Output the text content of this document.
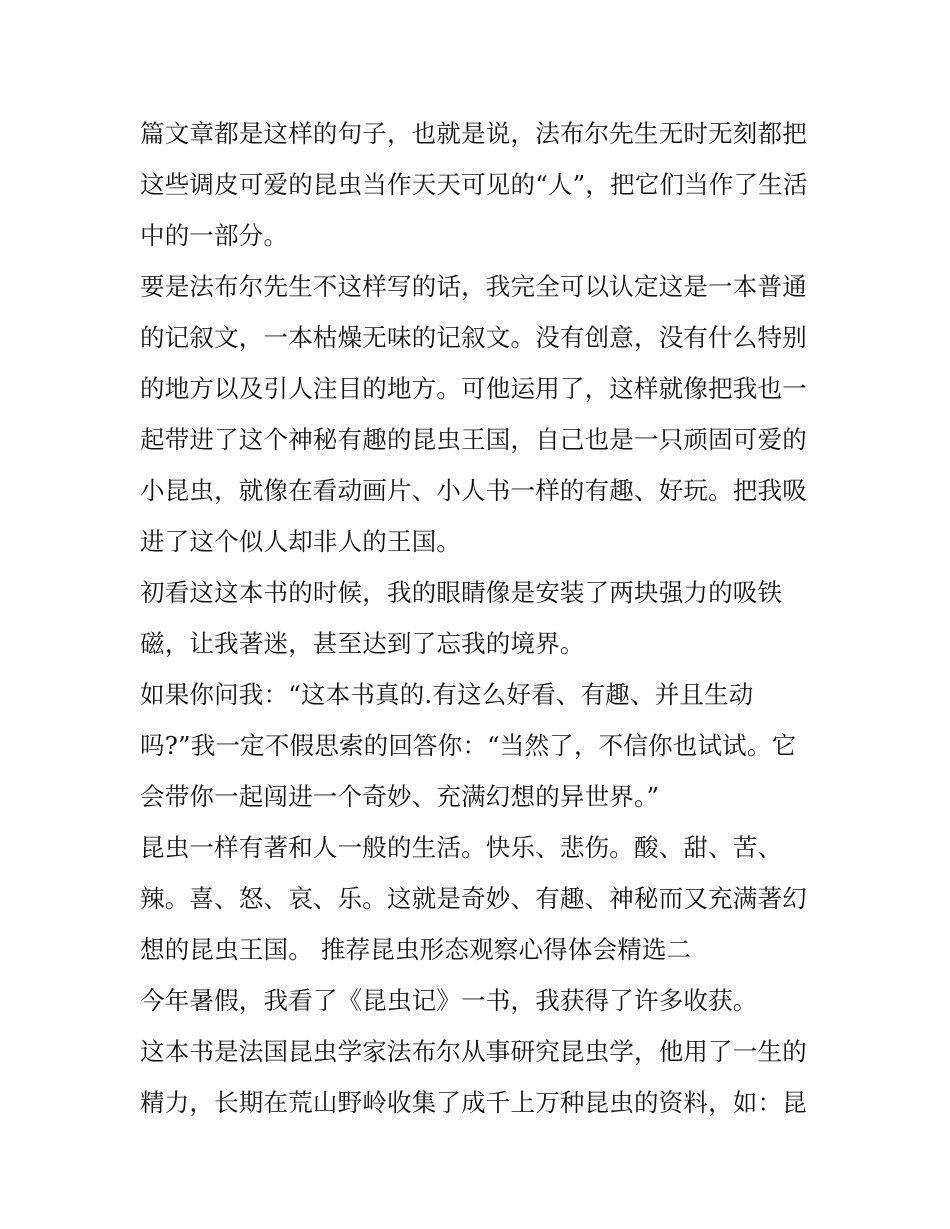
篇文章都是这样的句子，也就是说，法布尔先生无时无刻都把
这些调皮可爱的昆虫当作天天可见的“人”，把它们当作了生活
中的一部分。
要是法布尔先生不这样写的话，我完全可以认定这是一本普通
的记叙文，一本枯燥无味的记叙文。没有创意，没有什么特别
的地方以及引人注目的地方。可他运用了，这样就像把我也一
起带进了这个神秘有趣的昆虫王国，自己也是一只顽固可爱的
小昆虫，就像在看动画片、小人书一样的有趣、好玩。把我吸
进了这个似人却非人的王国。
初看这这本书的时候，我的眼睛像是安装了两块强力的吸铁
磁，让我著迷，甚至达到了忘我的境界。
如果你问我：“这本书真的.有这么好看、有趣、并且生动
吗?”我一定不假思索的回答你：“当然了，不信你也试试。它
会带你一起闯进一个奇妙、充满幻想的异世界。”
昆虫一样有著和人一般的生活。快乐、悲伤。酸、甜、苦、
辣。喜、怒、哀、乐。这就是奇妙、有趣、神秘而又充满著幻
想的昆虫王国。 推荐昆虫形态观察心得体会精选二
今年暑假，我看了《昆虫记》一书，我获得了许多收获。
这本书是法国昆虫学家法布尔从事研究昆虫学，他用了一生的
精力，长期在荒山野岭收集了成千上万种昆虫的资料，如：昆
